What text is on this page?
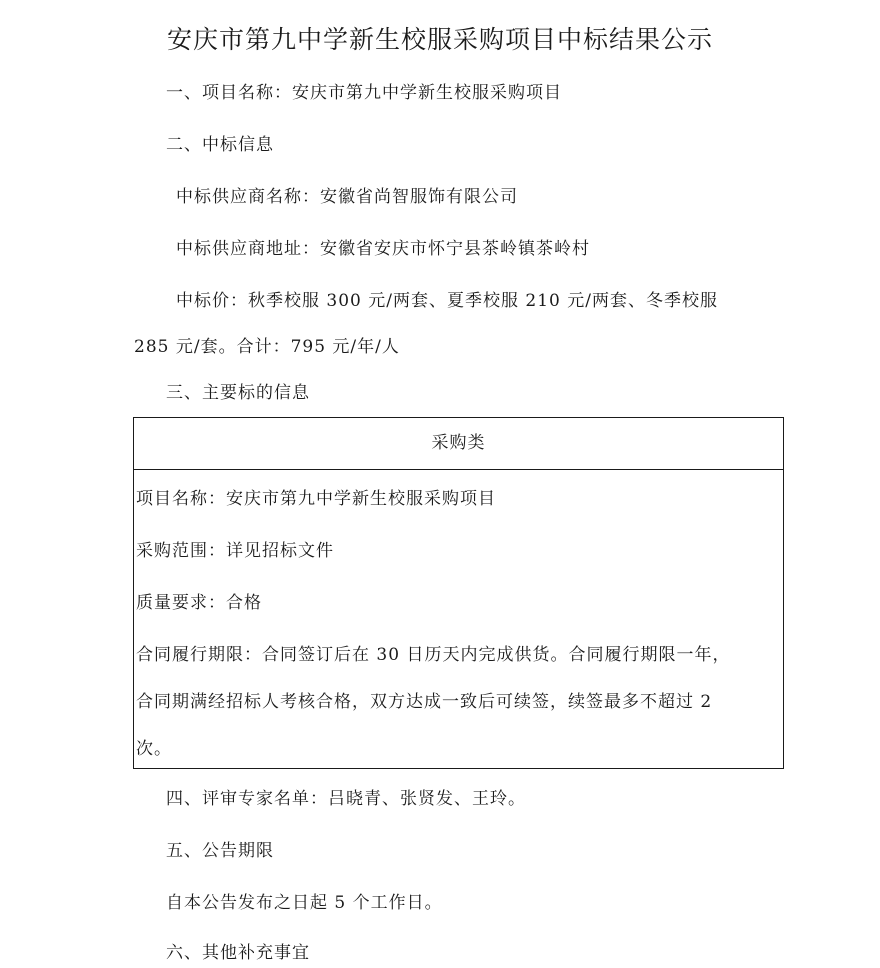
安庆市第九中学新生校服采购项目中标结果公示
一、项目名称：安庆市第九中学新生校服采购项目
二、中标信息
中标供应商名称：安徽省尚智服饰有限公司
中标供应商地址：安徽省安庆市怀宁县茶岭镇茶岭村
中标价：秋季校服 300 元/两套、夏季校服 210 元/两套、冬季校服
285 元/套。合计：795 元/年/人
三、主要标的信息
采购类
项目名称：安庆市第九中学新生校服采购项目
采购范围：详见招标文件
质量要求：合格
合同履行期限：合同签订后在 30 日历天内完成供货。合同履行期限一年，
合同期满经招标人考核合格，双方达成一致后可续签，续签最多不超过 2
次。
四、评审专家名单：吕晓青、张贤发、王玲。
五、公告期限
自本公告发布之日起 5 个工作日。
六、其他补充事宜
